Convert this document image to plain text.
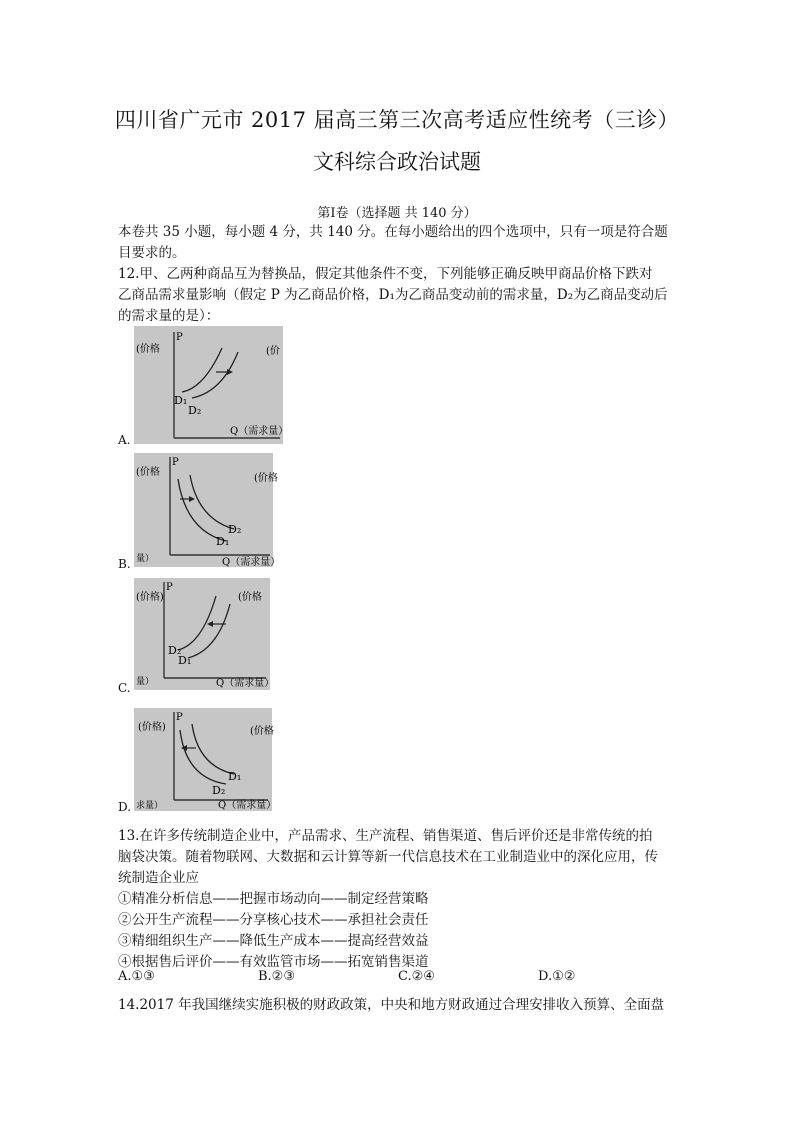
四川省广元市 2017 届高三第三次高考适应性统考（三诊）
文科综合政治试题
第Ⅰ卷（选择题 共 140 分）
本卷共 35 小题，每小题 4 分，共 140 分。在每小题给出的四个选项中，只有一项是符合题
目要求的。
12.甲、乙两种商品互为替换品，假定其他条件不变，下列能够正确反映甲商品价格下跌对
乙商品需求量影响（假定 P 为乙商品价格，D₁为乙商品变动前的需求量，D₂为乙商品变动后
的需求量的是）：
P
(价格	(价
Q（需求量）
D₁
D₂
A.
P
(价格
(价格
Q（需求量）
量）
D₂
D₁
B.
P
(价格)	(价格
Q（需求量）
量）
D₂
D₁
C.
P
(价格)	(价格
Q（需求量）
求量）
D₁
D₂
D.
13.在许多传统制造企业中，产品需求、生产流程、销售渠道、售后评价还是非常传统的拍
脑袋决策。随着物联网、大数据和云计算等新一代信息技术在工业制造业中的深化应用，传
统制造企业应
①精准分析信息——把握市场动向——制定经营策略
②公开生产流程——分享核心技术——承担社会责任
③精细组织生产——降低生产成本——提高经营效益
④根据售后评价——有效监管市场——拓宽销售渠道
A.①③	B.②③	C.②④	D.①②
14.2017 年我国继续实施积极的财政政策，中央和地方财政通过合理安排收入预算、全面盘
